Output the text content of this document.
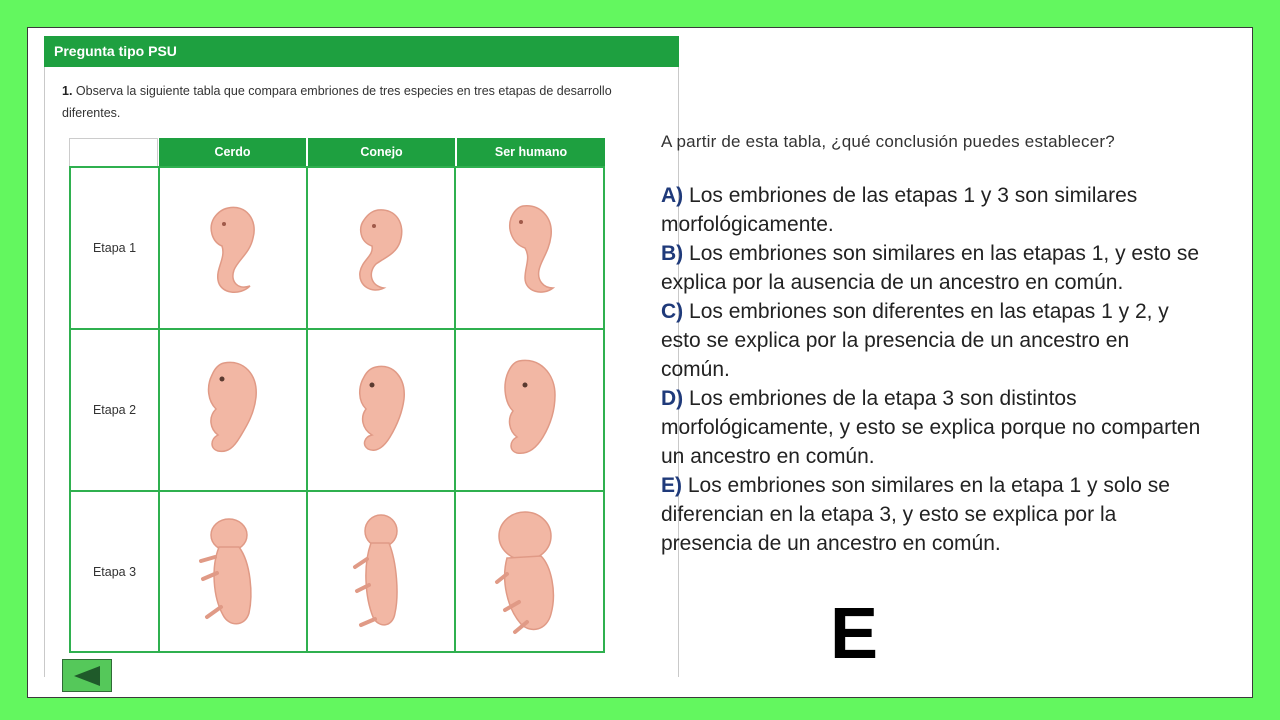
Pregunta tipo PSU
1. Observa la siguiente tabla que compara embriones de tres especies en tres etapas de desarrollo diferentes.
Cerdo	Conejo	Ser humano
Etapa 1
Etapa 2
Etapa 3
A partir de esta tabla, ¿qué conclusión puedes establecer?

A) Los embriones de las etapas 1 y 3 son similares morfológicamente.

B) Los embriones son similares en las etapas 1, y esto se explica por la ausencia de un ancestro en común.

C) Los embriones son diferentes en las etapas 1 y 2, y esto se explica por la presencia de un ancestro en común.

D) Los embriones de la etapa 3 son distintos morfológicamente, y esto se explica porque no comparten un ancestro en común.

E) Los embriones son similares en la etapa 1 y solo se diferencian en la etapa 3, y esto se explica por la presencia de un ancestro en común.

E
